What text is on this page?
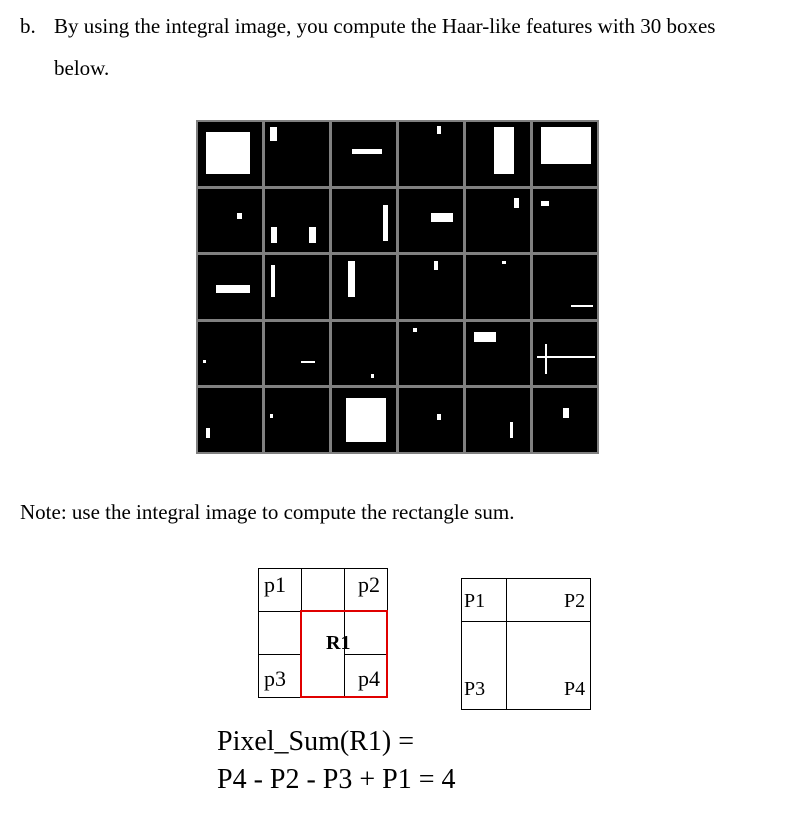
b. By using the integral image, you compute the Haar-like features with 30 boxes
below.
Note: use the integral image to compute the rectangle sum.
p1	p2
R1
p3	p4
P1	P2
P3	P4
Pixel_Sum(R1) =
P4 - P2 - P3 + P1 = 4
